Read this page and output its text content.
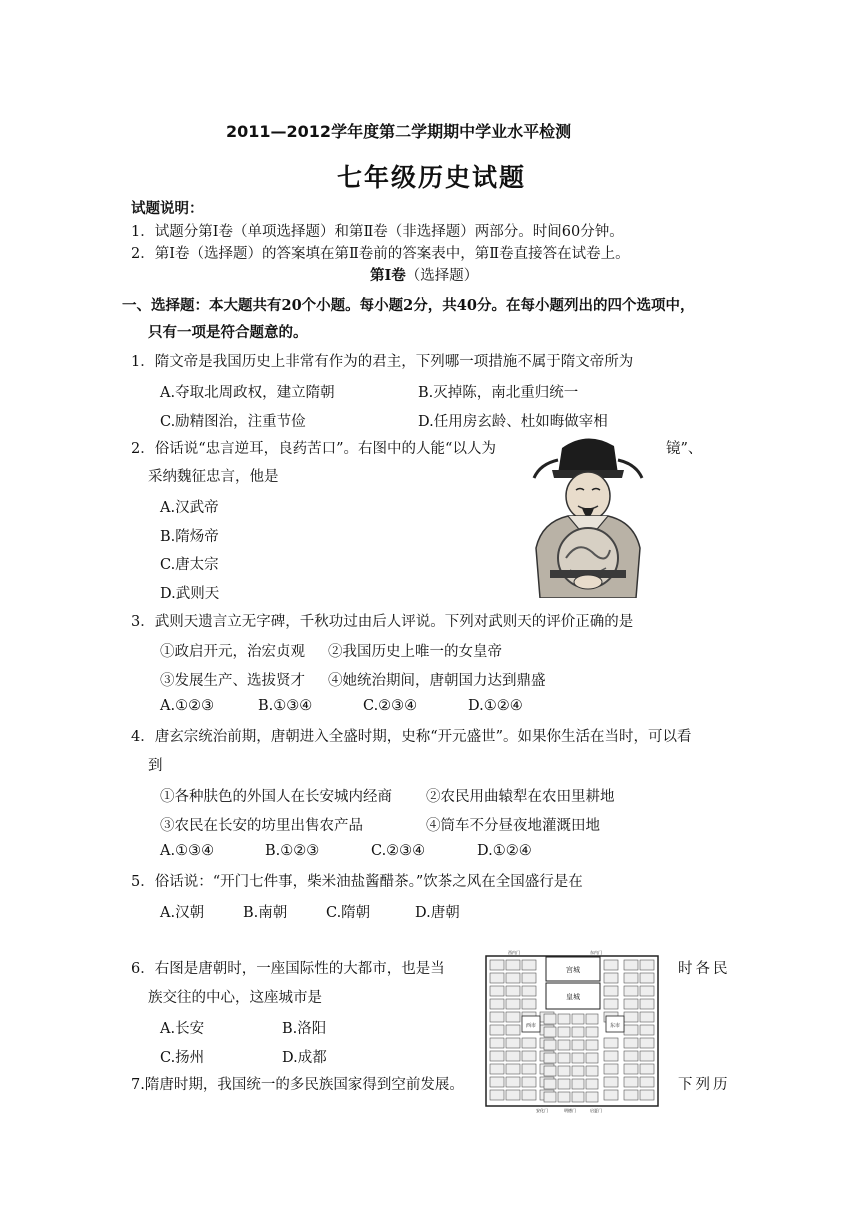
2011—2012学年度第二学期期中学业水平检测
七年级历史试题
试题说明：
1．试题分第Ⅰ卷（单项选择题）和第Ⅱ卷（非选择题）两部分。时间60分钟。
2．第Ⅰ卷（选择题）的答案填在第Ⅱ卷前的答案表中，第Ⅱ卷直接答在试卷上。
第Ⅰ卷（选择题）
一、选择题：本大题共有20个小题。每小题2分，共40分。在每小题列出的四个选项中，
只有一项是符合题意的。
1．隋文帝是我国历史上非常有作为的君主，下列哪一项措施不属于隋文帝所为
A.夺取北周政权，建立隋朝	B.灭掉陈，南北重归统一
C.励精图治，注重节俭	D.任用房玄龄、杜如晦做宰相
2．俗话说“忠言逆耳，良药苦口”。右图中的人能“以人为	镜”、
采纳魏征忠言，他是
A.汉武帝
B.隋炀帝
C.唐太宗
D.武则天
3．武则天遗言立无字碑，千秋功过由后人评说。下列对武则天的评价正确的是
①政启开元，治宏贞观 ②我国历史上唯一的女皇帝
③发展生产、选拔贤才 ④她统治期间，唐朝国力达到鼎盛
A.①②③	B.①③④	C.②③④	D.①②④
4．唐玄宗统治前期，唐朝进入全盛时期，史称“开元盛世”。如果你生活在当时，可以看
到
①各种肤色的外国人在长安城内经商 ②农民用曲辕犁在农田里耕地
③农民在长安的坊里出售农产品	④筒车不分昼夜地灌溉田地
A.①③④	B.①②③	C.②③④	D.①②④
5．俗话说：“开门七件事，柴米油盐酱醋茶。”饮茶之风在全国盛行是在
A.汉朝	B.南朝	C.隋朝	D.唐朝
6．右图是唐朝时，一座国际性的大都市，也是当	时各民
族交往的中心，这座城市是
A.长安	B.洛阳
C.扬州	D.成都
7.隋唐时期，我国统一的多民族国家得到空前发展。	下列历
宫城
皇城
西市	东市
西内门	东内门
安化门	明德门	启夏门
